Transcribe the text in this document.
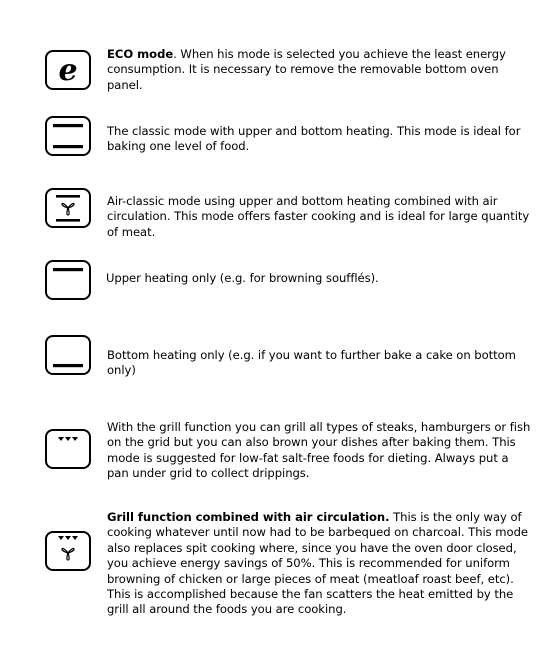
e	ECO mode. When his mode is selected you achieve the least energy consumption. It is necessary to remove the removable bottom oven panel.
The classic mode with upper and bottom heating. This mode is ideal for baking one level of food.
Air-classic mode using upper and bottom heating combined with air circulation. This mode offers faster cooking and is ideal for large quantity of meat.
Upper heating only (e.g. for browning soufflés).
Bottom heating only (e.g. if you want to further bake a cake on bottom only)
With the grill function you can grill all types of steaks, hamburgers or fish on the grid but you can also brown your dishes after baking them. This mode is suggested for low-fat salt-free foods for dieting. Always put a pan under grid to collect drippings.
Grill function combined with air circulation. This is the only way of cooking whatever until now had to be barbequed on charcoal. This mode also replaces spit cooking where, since you have the oven door closed, you achieve energy savings of 50%. This is recommended for uniform browning of chicken or large pieces of meat (meatloaf roast beef, etc). This is accomplished because the fan scatters the heat emitted by the grill all around the foods you are cooking.
